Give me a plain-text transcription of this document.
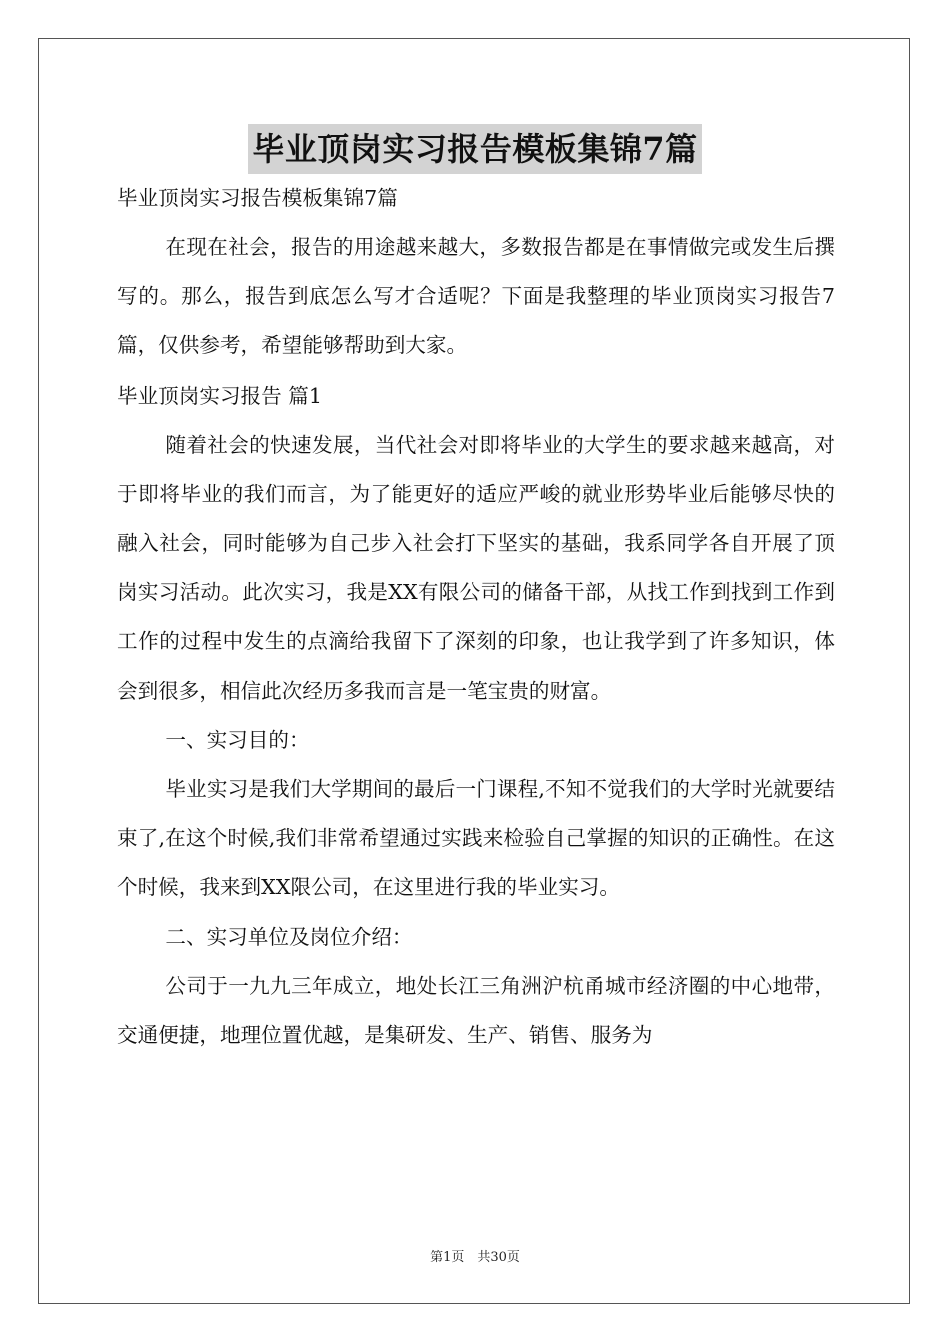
毕业顶岗实习报告模板集锦7篇

毕业顶岗实习报告模板集锦7篇

在现在社会，报告的用途越来越大，多数报告都是在事情做完或发生后撰写的。那么，报告到底怎么写才合适呢？下面是我整理的毕业顶岗实习报告7篇，仅供参考，希望能够帮助到大家。

毕业顶岗实习报告 篇1

随着社会的快速发展，当代社会对即将毕业的大学生的要求越来越高，对于即将毕业的我们而言，为了能更好的适应严峻的就业形势毕业后能够尽快的融入社会，同时能够为自己步入社会打下坚实的基础，我系同学各自开展了顶岗实习活动。此次实习，我是XX有限公司的储备干部，从找工作到找到工作到工作的过程中发生的点滴给我留下了深刻的印象，也让我学到了许多知识，体会到很多，相信此次经历多我而言是一笔宝贵的财富。

一、实习目的：

毕业实习是我们大学期间的最后一门课程,不知不觉我们的大学时光就要结束了,在这个时候,我们非常希望通过实践来检验自己掌握的知识的正确性。在这个时候，我来到XX限公司，在这里进行我的毕业实习。

二、实习单位及岗位介绍：

公司于一九九三年成立，地处长江三角洲沪杭甬城市经济圈的中心地带，交通便捷，地理位置优越，是集研发、生产、销售、服务为

第1页　共30页
